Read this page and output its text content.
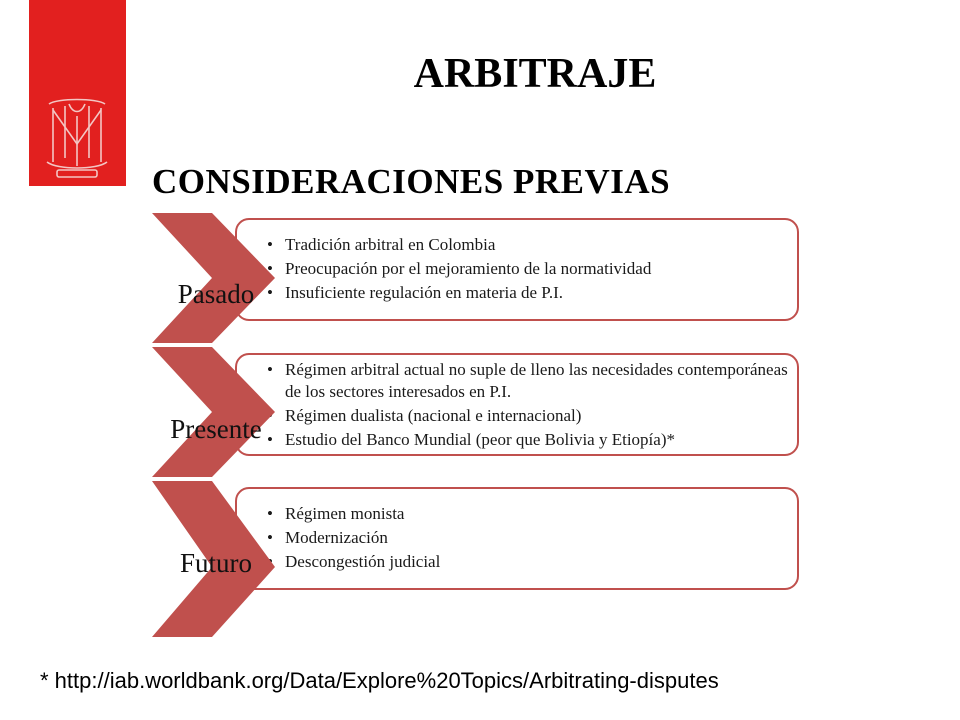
ARBITRAJE
CONSIDERACIONES PREVIAS
• Tradición arbitral en Colombia
• Preocupación por el mejoramiento de la normatividad
• Insuficiente regulación en materia de P.I.
Pasado
• Régimen arbitral actual no suple de lleno las necesidades contemporáneas de los sectores interesados en P.I.
• Régimen dualista (nacional e internacional)
• Estudio del Banco Mundial (peor que Bolivia y Etiopía)*
Presente
• Régimen monista
• Modernización
• Descongestión judicial
Futuro
* http://iab.worldbank.org/Data/Explore%20Topics/Arbitrating-disputes
